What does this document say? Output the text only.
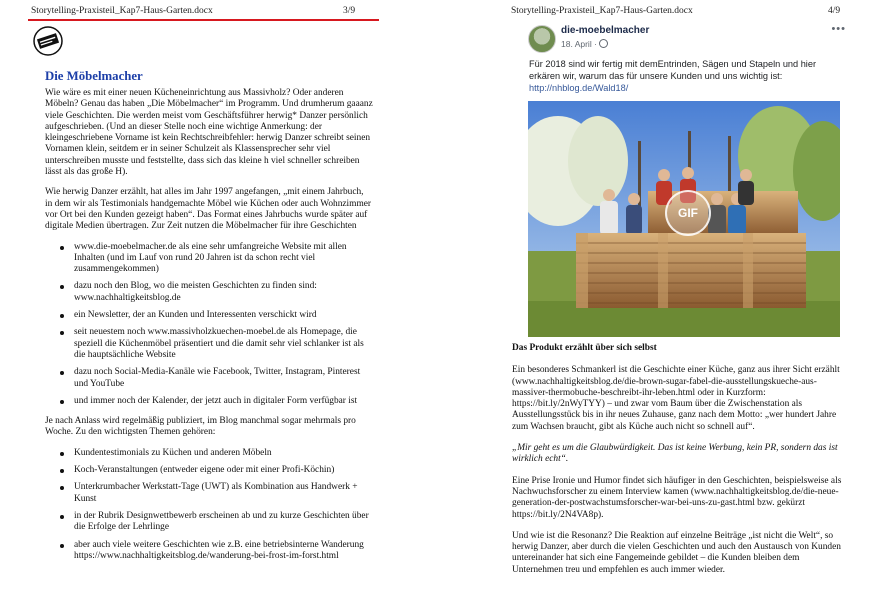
Storytelling-Praxisteil_Kap7-Haus-Garten.docx	3/9
Die Möbelmacher

Wie wäre es mit einer neuen Kücheneinrichtung aus Massivholz? Oder anderen Möbeln? Genau das haben „Die Möbelmacher“ im Programm. Und drumherum gaaanz viele Geschichten. Die werden meist vom Geschäftsführer herwig* Danzer persönlich aufgeschrieben. (Und an dieser Stelle noch eine wichtige Anmerkung: der kleingeschriebene Vorname ist kein Rechtschreibfehler: herwig Danzer schreibt seinen Vornamen klein, seitdem er in seiner Schulzeit als Klassensprecher sehr viel unterschreiben musste und feststellte, dass sich das kleine h viel schneller schreiben lässt als das große H).

Wie herwig Danzer erzählt, hat alles im Jahr 1997 angefangen, „mit einem Jahrbuch, in dem wir als Testimonials handgemachte Möbel wie Küchen oder auch Wohnzimmer vor Ort bei den Kunden gezeigt haben“. Das Format eines Jahrbuchs wurde später auf digitale Medien übertragen. Zur Zeit nutzen die Möbelmacher für ihre Geschichten

www.die-moebelmacher.de als eine sehr umfangreiche Website mit allen Inhalten (und im Lauf von rund 20 Jahren ist da schon recht viel zusammengekommen)
dazu noch den Blog, wo die meisten Geschichten zu finden sind: www.nachhaltigkeitsblog.de
ein Newsletter, der an Kunden und Interessenten verschickt wird
seit neuestem noch www.massivholzkuechen-moebel.de als Homepage, die speziell die Küchenmöbel präsentiert und die damit sehr viel schlanker ist als die hauptsächliche Website
dazu noch Social-Media-Kanäle wie Facebook, Twitter, Instagram, Pinterest und YouTube
und immer noch der Kalender, der jetzt auch in digitaler Form verfügbar ist

Je nach Anlass wird regelmäßig publiziert, im Blog manchmal sogar mehrmals pro Woche. Zu den wichtigsten Themen gehören:

Kundentestimonials zu Küchen und anderen Möbeln
Koch-Veranstaltungen (entweder eigene oder mit einer Profi-Köchin)
Unterkrumbacher Werkstatt-Tage (UWT) als Kombination aus Handwerk + Kunst
in der Rubrik Designwettbewerb erscheinen ab und zu kurze Geschichten über die Erfolge der Lehrlinge
aber auch viele weitere Geschichten wie z.B. eine betriebsinterne Wanderung https://www.nachhaltigkeitsblog.de/wanderung-bei-frost-im-forst.html
Storytelling-Praxisteil_Kap7-Haus-Garten.docx	4/9
die-moebelmacher
18. April ·
•••
Für 2018 sind wir fertig mit demEntrinden, Sägen und Stapeln und hier erkären wir, warum das für unsere Kunden und uns wichtig ist:
http://nhblog.de/Wald18/
GIF

Das Produkt erzählt über sich selbst

Ein besonderes Schmankerl ist die Geschichte einer Küche, ganz aus ihrer Sicht erzählt (www.nachhaltigkeitsblog.de/die-brown-sugar-fabel-die-ausstellungskueche-aus-massiver-thermobuche-beschreibt-ihr-leben.html oder in Kurzform: https://bit.ly/2nWyTYY) – und zwar vom Baum über die Zwischenstation als Ausstellungsstück bis in ihr neues Zuhause, ganz nach dem Motto: „wer hundert Jahre zum Wachsen braucht, gibt als Küche auch nicht so schnell auf“.

„Mir geht es um die Glaubwürdigkeit. Das ist keine Werbung, kein PR, sondern das ist wirklich echt“.

Eine Prise Ironie und Humor findet sich häufiger in den Geschichten, beispielsweise als Nachwuchsforscher zu einem Interview kamen (www.nachhaltigkeitsblog.de/die-neue-generation-der-postwachstumsforscher-war-bei-uns-zu-gast.html bzw. gekürzt https://bit.ly/2N4VA8p).

Und wie ist die Resonanz? Die Reaktion auf einzelne Beiträge „ist nicht die Welt“, so herwig Danzer, aber durch die vielen Geschichten und auch den Austausch von Kunden untereinander hat sich eine Fangemeinde gebildet – die Kunden bleiben dem Unternehmen treu und empfehlen es auch immer wieder.
